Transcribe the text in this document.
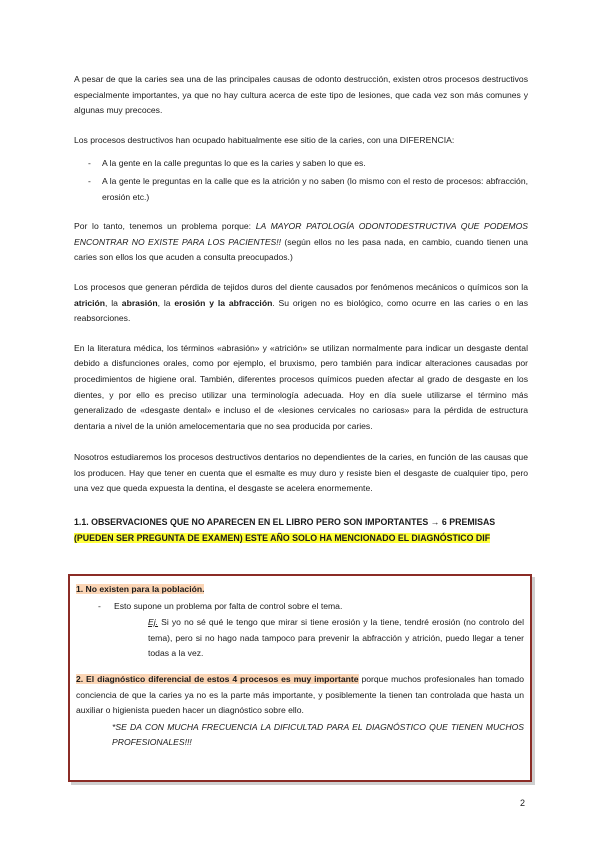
A pesar de que la caries sea una de las principales causas de odonto destrucción, existen otros procesos destructivos especialmente importantes, ya que no hay cultura acerca de este tipo de lesiones, que cada vez son más comunes y algunas muy precoces.

Los procesos destructivos han ocupado habitualmente ese sitio de la caries, con una DIFERENCIA:

- A la gente en la calle preguntas lo que es la caries y saben lo que es.
- A la gente le preguntas en la calle que es la atrición y no saben (lo mismo con el resto de procesos: abfracción, erosión etc.)

Por lo tanto, tenemos un problema porque: LA MAYOR PATOLOGÍA ODONTODESTRUCTIVA QUE PODEMOS ENCONTRAR NO EXISTE PARA LOS PACIENTES!! (según ellos no les pasa nada, en cambio, cuando tienen una caries son ellos los que acuden a consulta preocupados.)

Los procesos que generan pérdida de tejidos duros del diente causados por fenómenos mecánicos o químicos son la atrición, la abrasión, la erosión y la abfracción. Su origen no es biológico, como ocurre en las caries o en las reabsorciones.

En la literatura médica, los términos «abrasión» y «atrición» se utilizan normalmente para indicar un desgaste dental debido a disfunciones orales, como por ejemplo, el bruxismo, pero también para indicar alteraciones causadas por procedimientos de higiene oral. También, diferentes procesos químicos pueden afectar al grado de desgaste en los dientes, y por ello es preciso utilizar una terminología adecuada. Hoy en día suele utilizarse el término más generalizado de «desgaste dental» e incluso el de «lesiones cervicales no cariosas» para la pérdida de estructura dentaria a nivel de la unión amelocementaria que no sea producida por caries.

Nosotros estudiaremos los procesos destructivos dentarios no dependientes de la caries, en función de las causas que los producen. Hay que tener en cuenta que el esmalte es muy duro y resiste bien el desgaste de cualquier tipo, pero una vez que queda expuesta la dentina, el desgaste se acelera enormemente.

1.1. OBSERVACIONES QUE NO APARECEN EN EL LIBRO PERO SON IMPORTANTES → 6 PREMISAS
(PUEDEN SER PREGUNTA DE EXAMEN) ESTE AÑO SOLO HA MENCIONADO EL DIAGNÓSTICO DIF

1. No existen para la población.

- Esto supone un problema por falta de control sobre el tema.

Ej. Si yo no sé qué le tengo que mirar si tiene erosión y la tiene, tendré erosión (no controlo del tema), pero si no hago nada tampoco para prevenir la abfracción y atrición, puedo llegar a tener todas a la vez.

2. El diagnóstico diferencial de estos 4 procesos es muy importante porque muchos profesionales han tomado conciencia de que la caries ya no es la parte más importante, y posiblemente la tienen tan controlada que hasta un auxiliar o higienista pueden hacer un diagnóstico sobre ello.

*SE DA CON MUCHA FRECUENCIA LA DIFICULTAD PARA EL DIAGNÓSTICO QUE TIENEN MUCHOS PROFESIONALES!!!

2
